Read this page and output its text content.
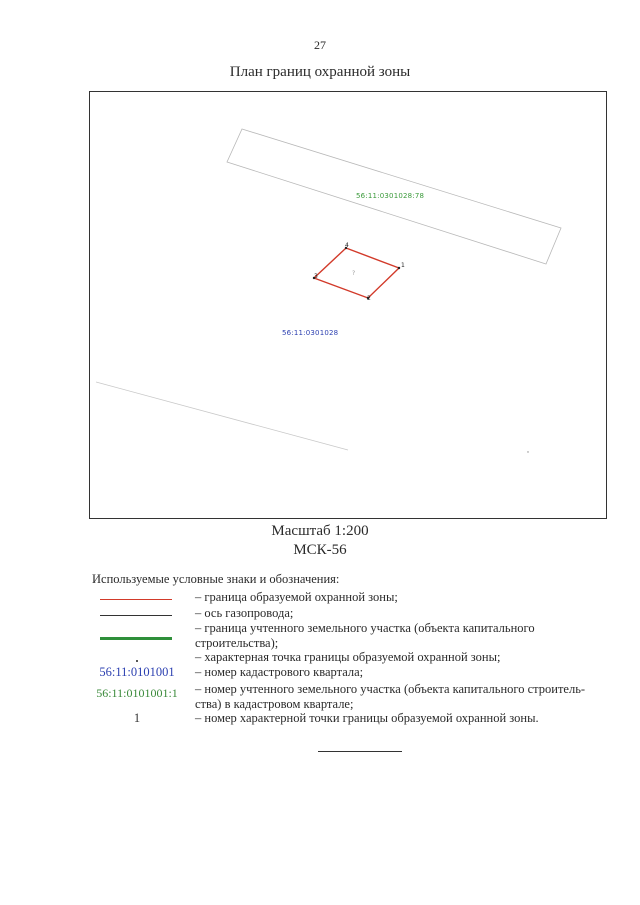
27
План границ охранной зоны
56:11:0301028:78
56:11:0301028
?
1
2
3
4
Масштаб 1:200
МСК-56
Используемые условные знаки и обозначения:
– граница образуемой охранной зоны;
– ось газопровода;
– граница учтенного земельного участка (объекта капитального строительства);
– характерная точка границы образуемой охранной зоны;
56:11:0101001	– номер кадастрового квартала;
56:11:0101001:1	– номер учтенного земельного участка (объекта капитального строитель-ства) в кадастровом квартале;
1	– номер характерной точки границы образуемой охранной зоны.
